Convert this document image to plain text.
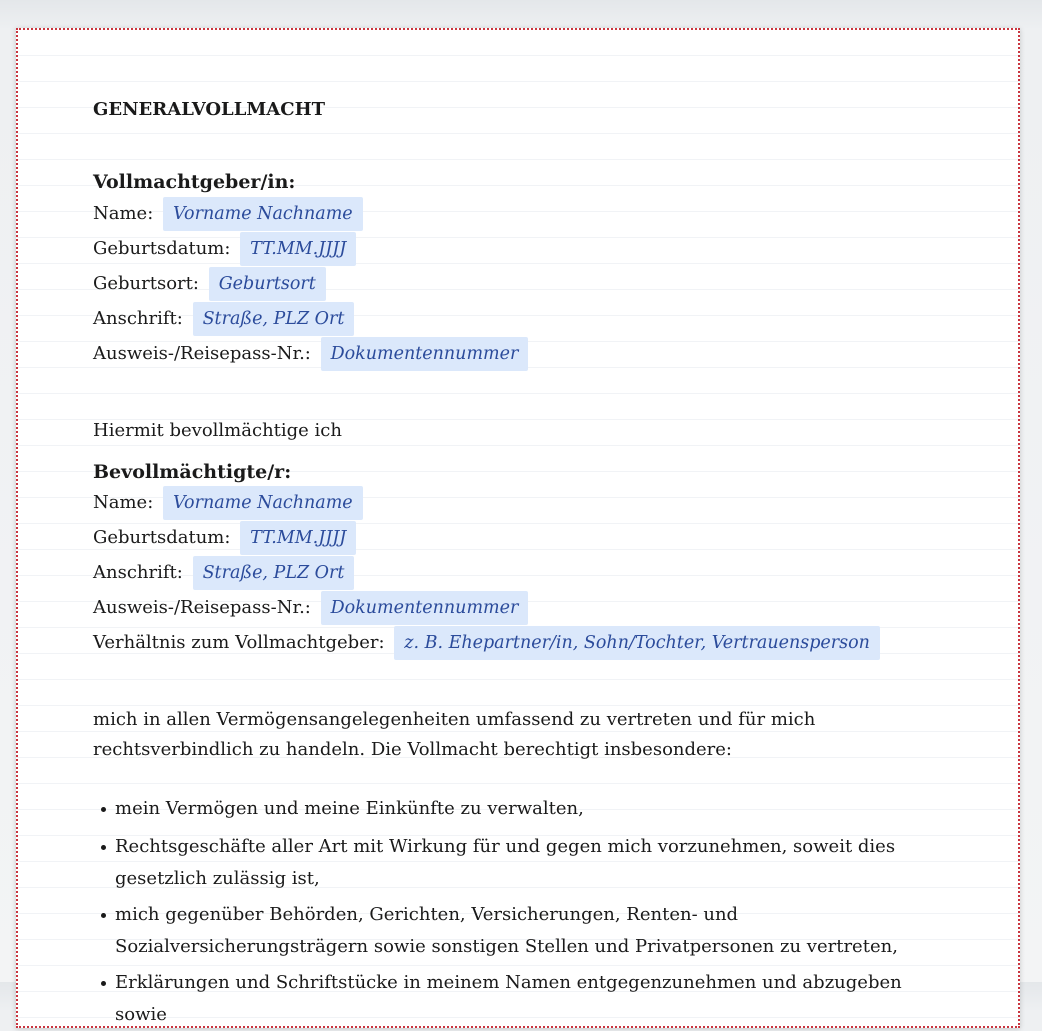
GENERALVOLLMACHT
Vollmachtgeber/in:
Name: Vorname Nachname
Geburtsdatum: TT.MM.JJJJ
Geburtsort: Geburtsort
Anschrift: Straße, PLZ Ort
Ausweis-/Reisepass-Nr.: Dokumentennummer
Hiermit bevollmächtige ich
Bevollmächtigte/r:
Name: Vorname Nachname
Geburtsdatum: TT.MM.JJJJ
Anschrift: Straße, PLZ Ort
Ausweis-/Reisepass-Nr.: Dokumentennummer
Verhältnis zum Vollmachtgeber: z. B. Ehepartner/in, Sohn/Tochter, Vertrauensperson
mich in allen Vermögensangelegenheiten umfassend zu vertreten und für mich rechtsverbindlich zu handeln. Die Vollmacht berechtigt insbesondere:
mein Vermögen und meine Einkünfte zu verwalten,
Rechtsgeschäfte aller Art mit Wirkung für und gegen mich vorzunehmen, soweit dies gesetzlich zulässig ist,
mich gegenüber Behörden, Gerichten, Versicherungen, Renten- und Sozialversicherungsträgern sowie sonstigen Stellen und Privatpersonen zu vertreten,
Erklärungen und Schriftstücke in meinem Namen entgegenzunehmen und abzugeben sowie
